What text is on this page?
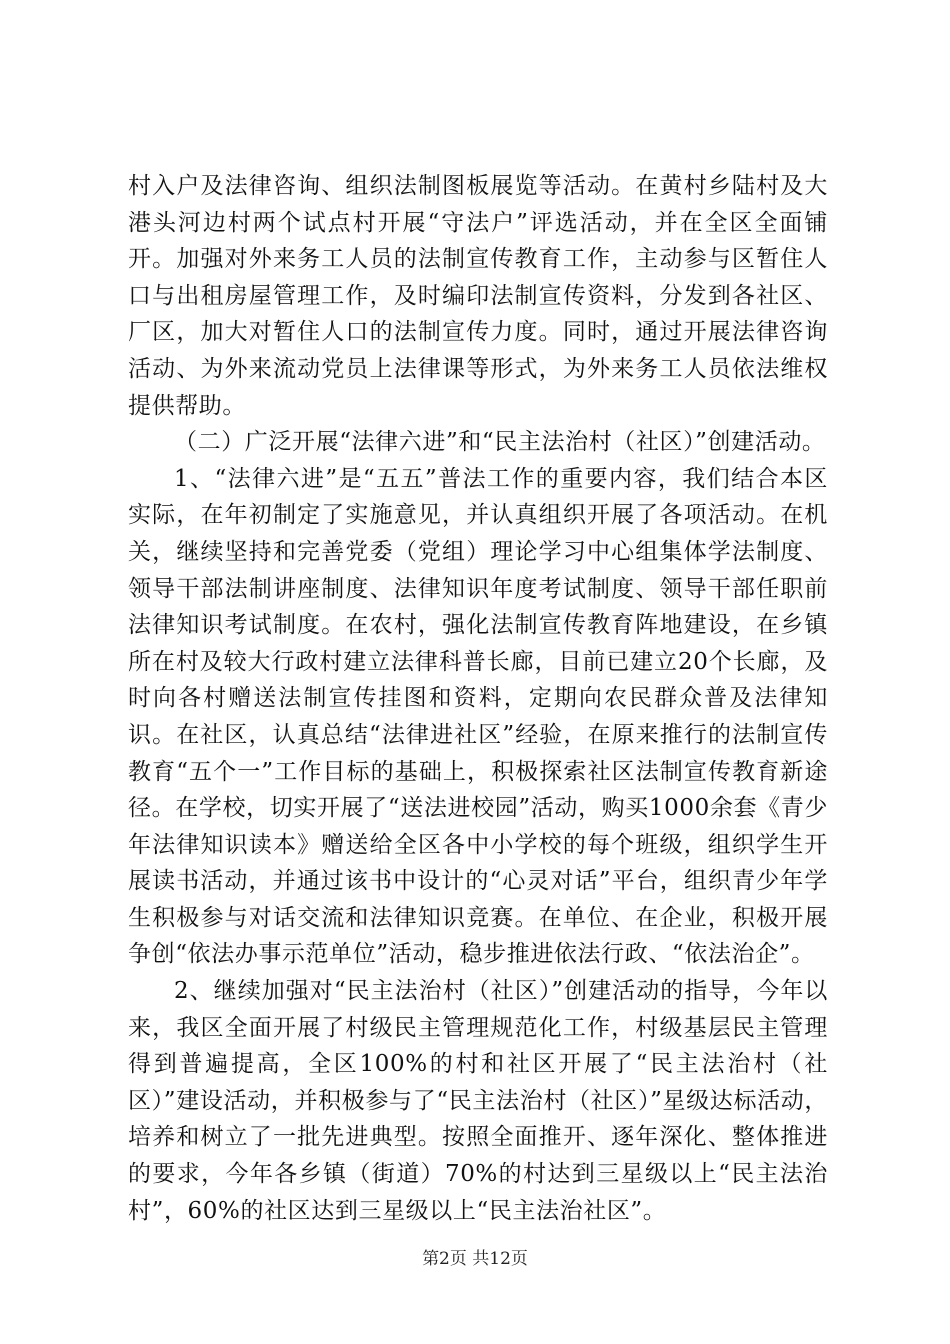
村入户及法律咨询、组织法制图板展览等活动。在黄村乡陆村及大港头河边村两个试点村开展“守法户”评选活动，并在全区全面铺开。加强对外来务工人员的法制宣传教育工作，主动参与区暂住人口与出租房屋管理工作，及时编印法制宣传资料，分发到各社区、厂区，加大对暂住人口的法制宣传力度。同时，通过开展法律咨询活动、为外来流动党员上法律课等形式，为外来务工人员依法维权提供帮助。

（二）广泛开展“法律六进”和“民主法治村（社区）”创建活动。

1、“法律六进”是“五五”普法工作的重要内容，我们结合本区实际，在年初制定了实施意见，并认真组织开展了各项活动。在机关，继续坚持和完善党委（党组）理论学习中心组集体学法制度、领导干部法制讲座制度、法律知识年度考试制度、领导干部任职前法律知识考试制度。在农村，强化法制宣传教育阵地建设，在乡镇所在村及较大行政村建立法律科普长廊，目前已建立20个长廊，及时向各村赠送法制宣传挂图和资料，定期向农民群众普及法律知识。在社区，认真总结“法律进社区”经验，在原来推行的法制宣传教育“五个一”工作目标的基础上，积极探索社区法制宣传教育新途径。在学校，切实开展了“送法进校园”活动，购买1000余套《青少年法律知识读本》赠送给全区各中小学校的每个班级，组织学生开展读书活动，并通过该书中设计的“心灵对话”平台，组织青少年学生积极参与对话交流和法律知识竞赛。在单位、在企业，积极开展争创“依法办事示范单位”活动，稳步推进依法行政、“依法治企”。

2、继续加强对“民主法治村（社区）”创建活动的指导，今年以来，我区全面开展了村级民主管理规范化工作，村级基层民主管理得到普遍提高，全区100%的村和社区开展了“民主法治村（社区）”建设活动，并积极参与了“民主法治村（社区）”星级达标活动，培养和树立了一批先进典型。按照全面推开、逐年深化、整体推进的要求，今年各乡镇（街道）70%的村达到三星级以上“民主法治村”，60%的社区达到三星级以上“民主法治社区”。

第2页 共12页
